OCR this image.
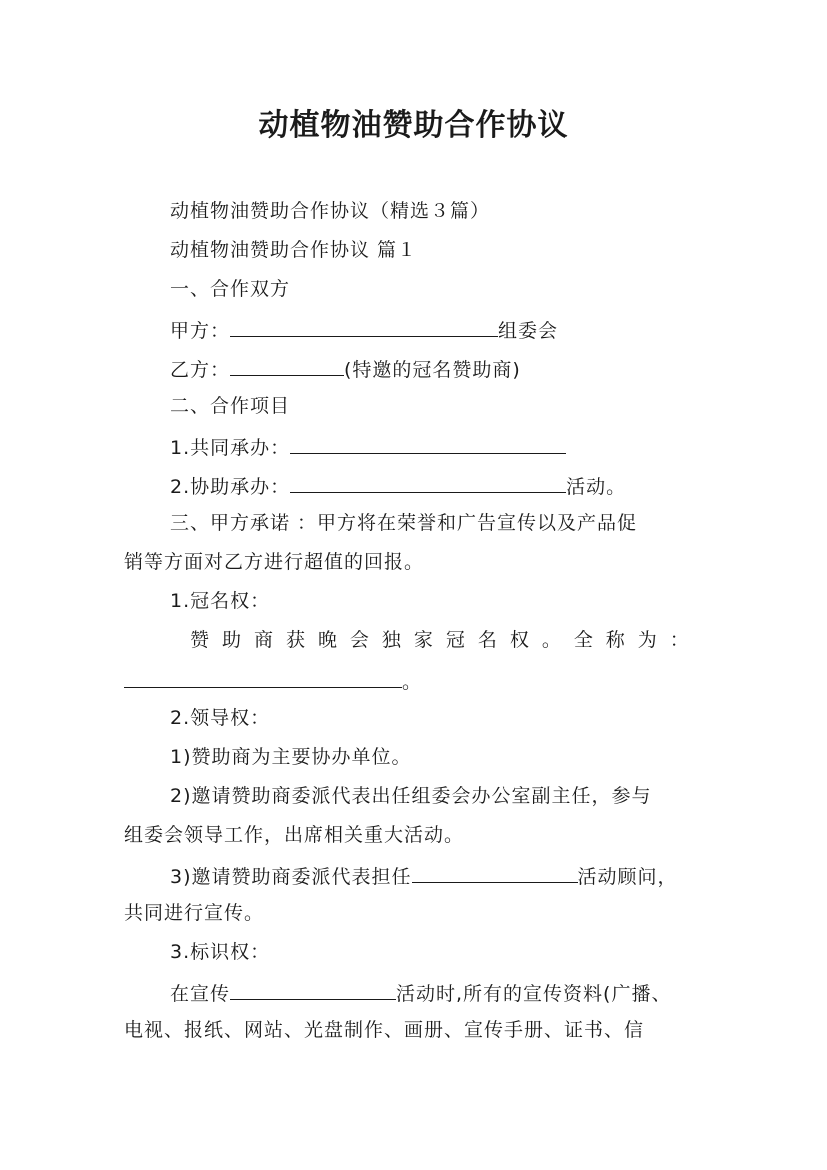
动植物油赞助合作协议
动植物油赞助合作协议（精选３篇）
动植物油赞助合作协议 篇１
一、合作双方
甲方：	组委会
乙方：	(特邀的冠名赞助商)
二、合作项目
1.共同承办：
2.协助承办：	活动。
三、甲方承诺 ：甲方将在荣誉和广告宣传以及产品促
销等方面对乙方进行超值的回报。
1.冠名权：
赞 助 商 获 晚 会 独 家 冠 名 权 。 全 称 为 ：
。
2.领导权：
1)赞助商为主要协办单位。
2)邀请赞助商委派代表出任组委会办公室副主任，参与
组委会领导工作，出席相关重大活动。
3)邀请赞助商委派代表担任	活动顾问，
共同进行宣传。
3.标识权：
在宣传	活动时,所有的宣传资料(广播、
电视、报纸、网站、光盘制作、画册、宣传手册、证书、信
